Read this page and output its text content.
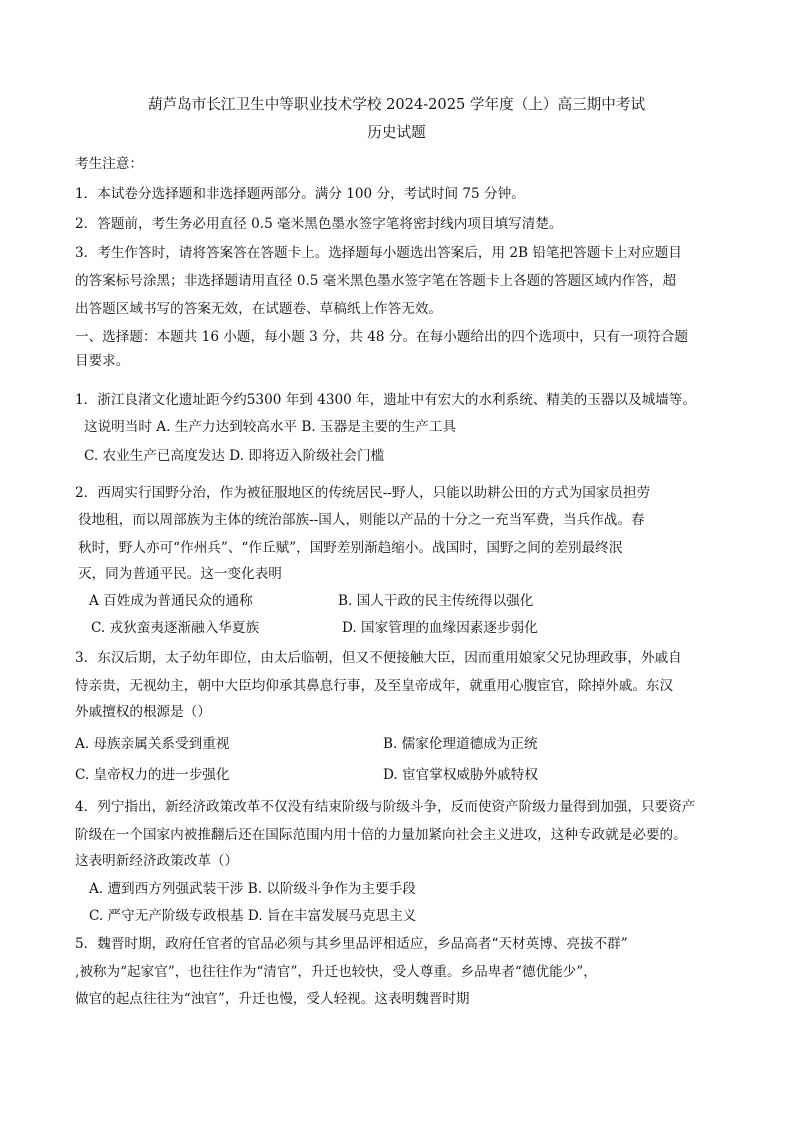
葫芦岛市长江卫生中等职业技术学校 2024-2025 学年度（上）高三期中考试
历史试题
考生注意：
1．本试卷分选择题和非选择题两部分。满分 100 分，考试时间 75 分钟。
2．答题前，考生务必用直径 0.5 毫米黑色墨水签字笔将密封线内项目填写清楚。
3．考生作答时，请将答案答在答题卡上。选择题每小题选出答案后，用 2B 铅笔把答题卡上对应题目
的答案标号涂黑；非选择题请用直径 0.5 毫米黑色墨水签字笔在答题卡上各题的答题区域内作答，超
出答题区域书写的答案无效，在试题卷、草稿纸上作答无效。
一、选择题：本题共 16 小题，每小题 3 分，共 48 分。在每小题给出的四个选项中，只有一项符合题
目要求。
1．浙江良渚文化遗址距今约5300 年到 4300 年，遗址中有宏大的水利系统、精美的玉器以及城墙等。
这说明当时 A. 生产力达到较高水平 B. 玉器是主要的生产工具
C. 农业生产已高度发达 D. 即将迈入阶级社会门槛
2．西周实行国野分治，作为被征服地区的传统居民--野人，只能以助耕公田的方式为国家员担劳
役地租，而以周部族为主体的统治部族--国人，则能以产品的十分之一充当军费，当兵作战。春
秋时，野人亦可“作州兵”、“作丘赋”，国野差别渐趋缩小。战国时，国野之间的差别最终泯
灭，同为普通平民。这一变化表明
A 百姓成为普通民众的通称	B. 国人干政的民主传统得以强化
C. 戎狄蛮夷逐渐融入华夏族	D. 国家管理的血缘因素逐步弱化
3．东汉后期，太子幼年即位，由太后临朝，但又不便接触大臣，因而重用娘家父兄协理政事，外戚自
恃亲贵，无视幼主，朝中大臣均仰承其鼻息行事，及至皇帝成年，就重用心腹宦官，除掉外戚。东汉
外戚擅权的根源是（）
A. 母族亲属关系受到重视	B. 儒家伦理道德成为正统
C. 皇帝权力的进一步强化	D. 宦官掌权威胁外戚特权
4．列宁指出，新经济政策改革不仅没有结束阶级与阶级斗争，反而使资产阶级力量得到加强，只要资产
阶级在一个国家内被推翻后还在国际范围内用十倍的力量加紧向社会主义进攻，这种专政就是必要的。
这表明新经济政策改革（）
A. 遭到西方列强武装干涉 B. 以阶级斗争作为主要手段
C. 严守无产阶级专政根基 D. 旨在丰富发展马克思主义
5．魏晋时期，政府任官者的官品必须与其乡里品评相适应，乡品高者“天材英博、亮拔不群”
,被称为“起家官”，也往往作为“清官”，升迁也较快，受人尊重。乡品卑者“德优能少”，
做官的起点往往为“浊官”，升迁也慢，受人轻视。这表明魏晋时期
